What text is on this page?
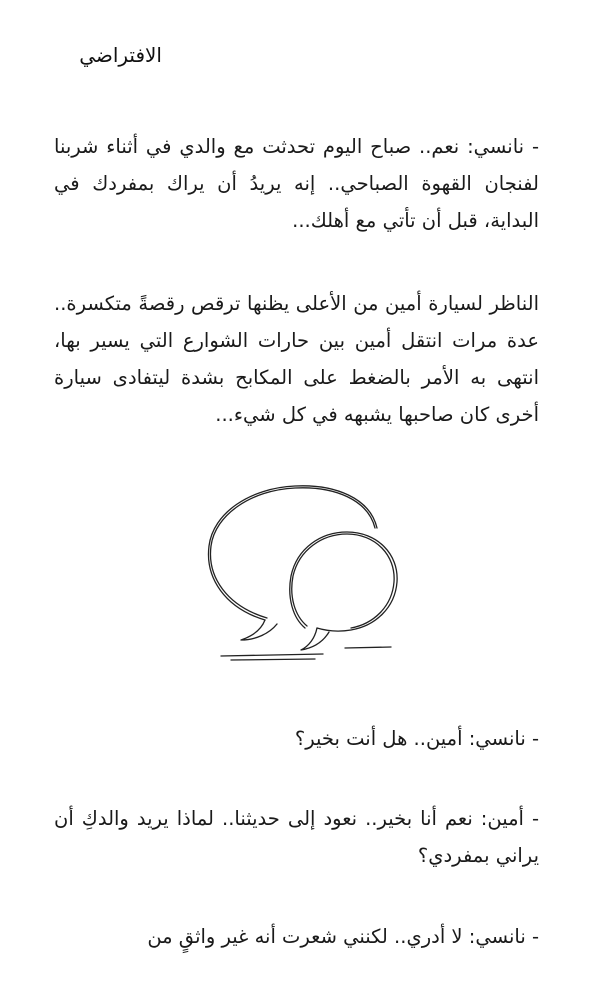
الافتراضي

- نانسي: نعم.. صباح اليوم تحدثت مع والدي في أثناء شربنا لفنجان القهوة الصباحي.. إنه يريدُ أن يراك بمفردك في البداية، قبل أن تأتي مع أهلك...

الناظر لسيارة أمين من الأعلى يظنها ترقص رقصةً متكسرة.. عدة مرات انتقل أمين بين حارات الشوارع التي يسير بها، انتهى به الأمر بالضغط على المكابح بشدة ليتفادى سيارة أخرى كان صاحبها يشبهه في كل شيء...

- نانسي: أمين.. هل أنت بخير؟

- أمين: نعم أنا بخير.. نعود إلى حديثنا.. لماذا يريد والدكِ أن يراني بمفردي؟

- نانسي: لا أدري.. لكنني شعرت أنه غير واثقٍ من
